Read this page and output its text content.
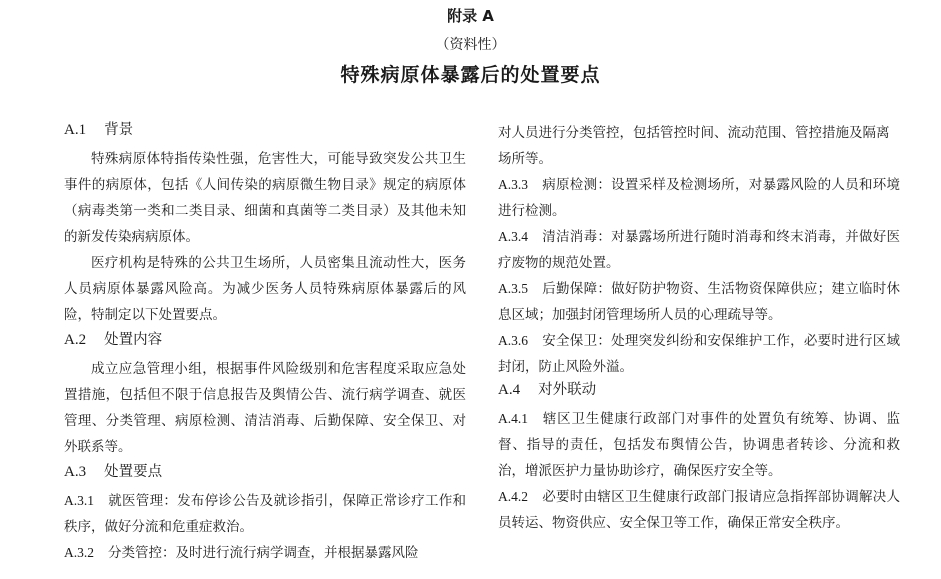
附录 A
（资料性）
特殊病原体暴露后的处置要点
A.1 背景

特殊病原体特指传染性强，危害性大，可能导致突发公共卫生事件的病原体，包括《人间传染的病原微生物目录》规定的病原体（病毒类第一类和二类目录、细菌和真菌等二类目录）及其他未知的新发传染病病原体。

医疗机构是特殊的公共卫生场所，人员密集且流动性大，医务人员病原体暴露风险高。为减少医务人员特殊病原体暴露后的风险，特制定以下处置要点。

A.2 处置内容

成立应急管理小组，根据事件风险级别和危害程度采取应急处置措施，包括但不限于信息报告及舆情公告、流行病学调查、就医管理、分类管理、病原检测、清洁消毒、后勤保障、安全保卫、对外联系等。

A.3 处置要点

A.3.1 就医管理：发布停诊公告及就诊指引，保障正常诊疗工作和秩序，做好分流和危重症救治。

A.3.2 分类管控：及时进行流行病学调查，并根据暴露风险

对人员进行分类管控，包括管控时间、流动范围、管控措施及隔离场所等。

A.3.3 病原检测：设置采样及检测场所，对暴露风险的人员和环境进行检测。

A.3.4 清洁消毒：对暴露场所进行随时消毒和终末消毒，并做好医疗废物的规范处置。

A.3.5 后勤保障：做好防护物资、生活物资保障供应；建立临时休息区域；加强封闭管理场所人员的心理疏导等。

A.3.6 安全保卫：处理突发纠纷和安保维护工作，必要时进行区域封闭，防止风险外溢。

A.4 对外联动

A.4.1 辖区卫生健康行政部门对事件的处置负有统筹、协调、监督、指导的责任，包括发布舆情公告，协调患者转诊、分流和救治，增派医护力量协助诊疗，确保医疗安全等。

A.4.2 必要时由辖区卫生健康行政部门报请应急指挥部协调解决人员转运、物资供应、安全保卫等工作，确保正常安全秩序。
